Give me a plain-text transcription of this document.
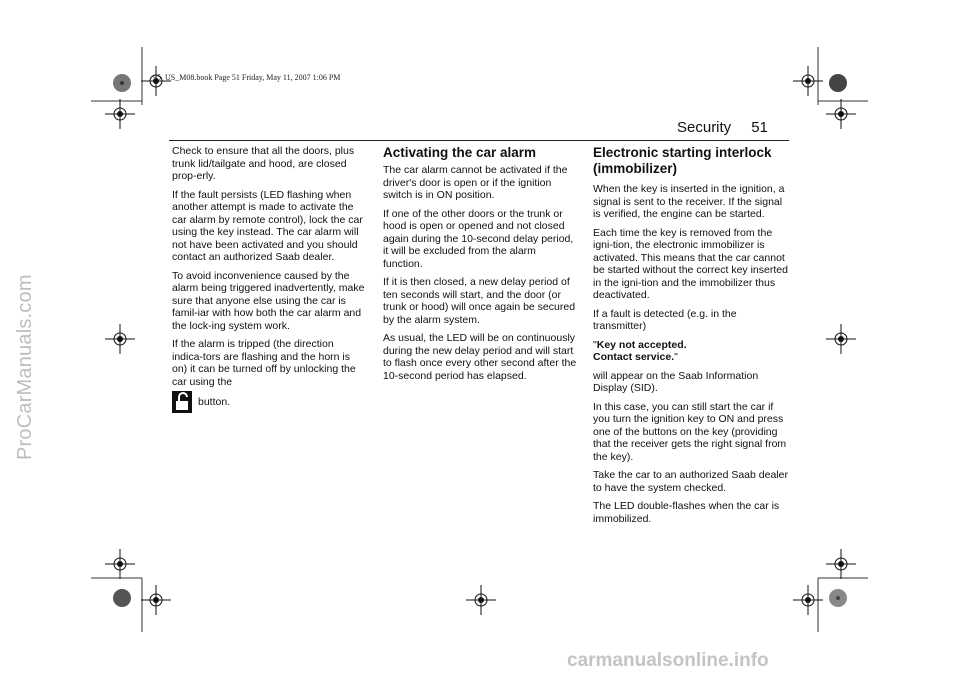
95_US_M08.book Page 51 Friday, May 11, 2007 1:06 PM
ProCarManuals.com
carmanualsonline.info
Security 51

Check to ensure that all the doors, plus trunk lid/tailgate and hood, are closed prop-erly.

If the fault persists (LED flashing when another attempt is made to activate the car alarm by remote control), lock the car using the key instead. The car alarm will not have been activated and you should contact an authorized Saab dealer.

To avoid inconvenience caused by the alarm being triggered inadvertently, make sure that anyone else using the car is famil-iar with how both the car alarm and the lock-ing system work.

If the alarm is tripped (the direction indica-tors are flashing and the horn is on) it can be turned off by unlocking the car using the

button.
Activating the car alarm

The car alarm cannot be activated if the driver's door is open or if the ignition switch is in ON position.

If one of the other doors or the trunk or hood is open or opened and not closed again during the 10-second delay period, it will be excluded from the alarm function.

If it is then closed, a new delay period of ten seconds will start, and the door (or trunk or hood) will once again be secured by the alarm system.

As usual, the LED will be on continuously during the new delay period and will start to flash once every other second after the 10-second period has elapsed.

Electronic starting interlock (immobilizer)

When the key is inserted in the ignition, a signal is sent to the receiver. If the signal is verified, the engine can be started.

Each time the key is removed from the igni-tion, the electronic immobilizer is activated. This means that the car cannot be started without the correct key inserted in the igni-tion and the immobilizer thus deactivated.

If a fault is detected (e.g. in the transmitter)

"Key not accepted.
Contact service."

will appear on the Saab Information Display (SID).

In this case, you can still start the car if you turn the ignition key to ON and press one of the buttons on the key (providing that the receiver gets the right signal from the key).

Take the car to an authorized Saab dealer to have the system checked.

The LED double-flashes when the car is immobilized.
